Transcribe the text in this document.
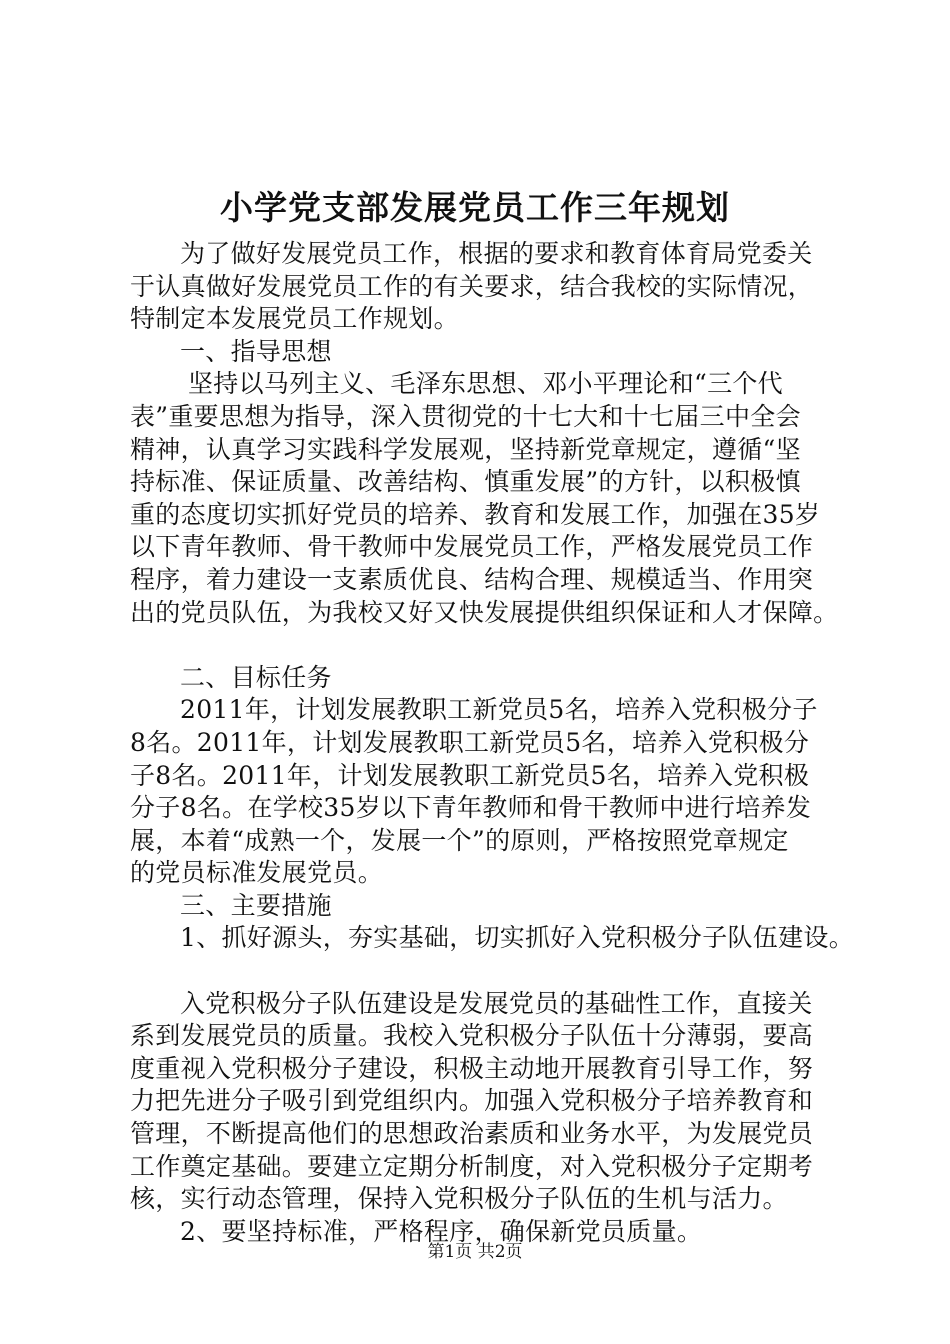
小学党支部发展党员工作三年规划
为了做好发展党员工作，根据的要求和教育体育局党委关
于认真做好发展党员工作的有关要求，结合我校的实际情况，
特制定本发展党员工作规划。
一、指导思想
坚持以马列主义、毛泽东思想、邓小平理论和“三个代
表”重要思想为指导，深入贯彻党的十七大和十七届三中全会
精神，认真学习实践科学发展观，坚持新党章规定，遵循“坚
持标准、保证质量、改善结构、慎重发展”的方针，以积极慎
重的态度切实抓好党员的培养、教育和发展工作，加强在35岁
以下青年教师、骨干教师中发展党员工作，严格发展党员工作
程序，着力建设一支素质优良、结构合理、规模适当、作用突
出的党员队伍，为我校又好又快发展提供组织保证和人才保障。
二、目标任务
2011年，计划发展教职工新党员5名，培养入党积极分子
8名。2011年，计划发展教职工新党员5名，培养入党积极分
子8名。2011年，计划发展教职工新党员5名，培养入党积极
分子8名。在学校35岁以下青年教师和骨干教师中进行培养发
展，本着“成熟一个，发展一个”的原则，严格按照党章规定
的党员标准发展党员。
三、主要措施
1、抓好源头，夯实基础，切实抓好入党积极分子队伍建设。
入党积极分子队伍建设是发展党员的基础性工作，直接关
系到发展党员的质量。我校入党积极分子队伍十分薄弱，要高
度重视入党积极分子建设，积极主动地开展教育引导工作，努
力把先进分子吸引到党组织内。加强入党积极分子培养教育和
管理，不断提高他们的思想政治素质和业务水平，为发展党员
工作奠定基础。要建立定期分析制度，对入党积极分子定期考
核，实行动态管理，保持入党积极分子队伍的生机与活力。
2、要坚持标准，严格程序，确保新党员质量。
第1页 共2页
